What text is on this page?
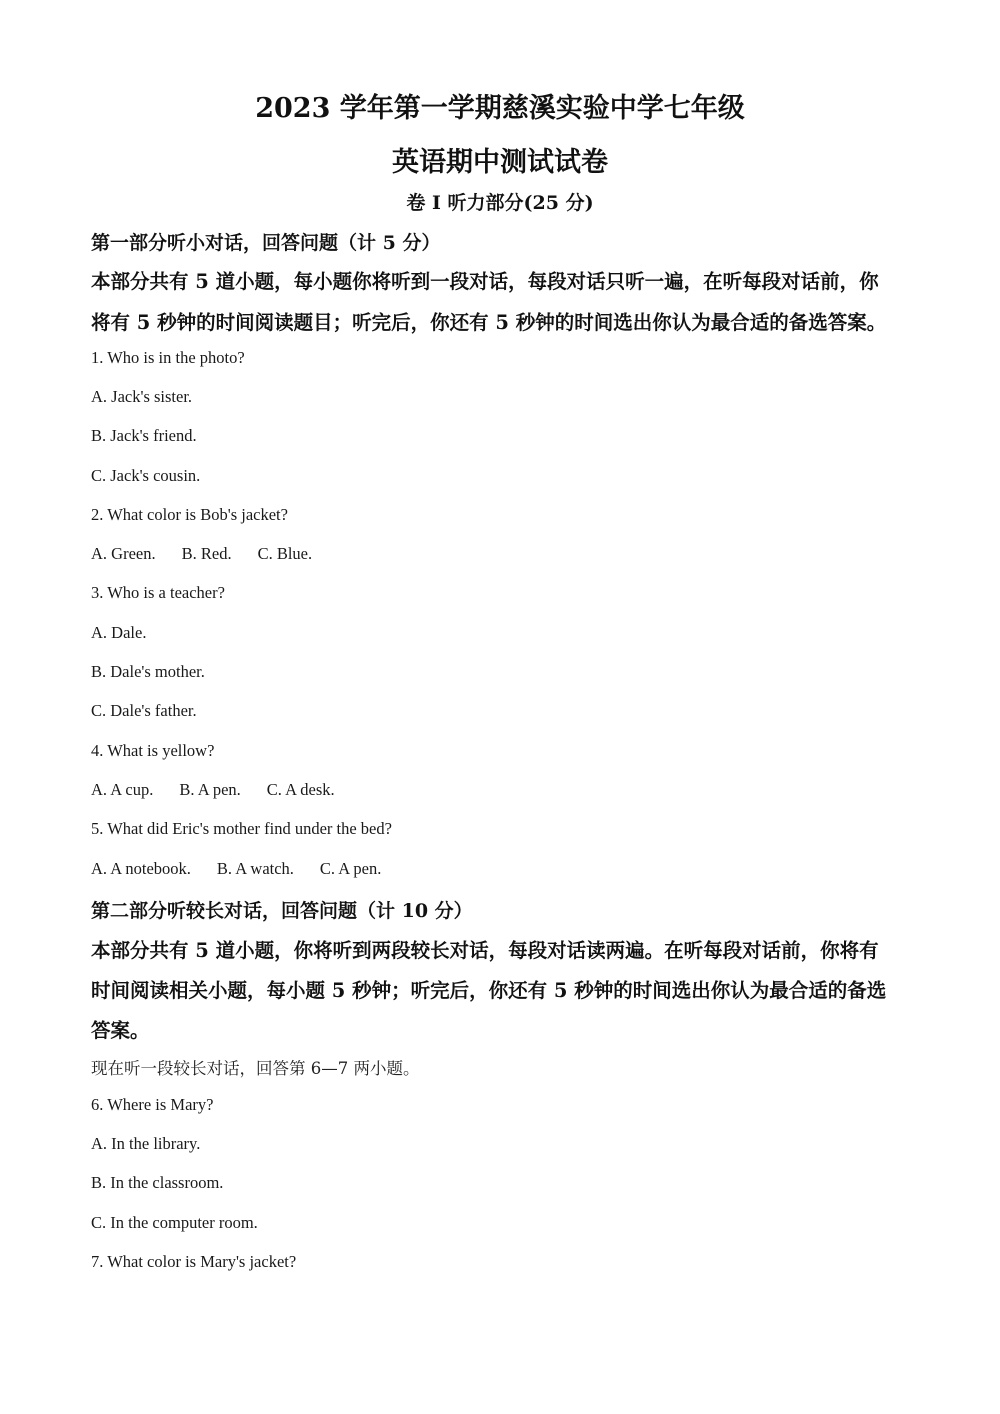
2023 学年第一学期慈溪实验中学七年级
英语期中测试试卷
卷 I 听力部分(25 分)
第一部分听小对话，回答问题（计 5 分）
本部分共有 5 道小题，每小题你将听到一段对话，每段对话只听一遍，在听每段对话前，你
将有 5 秒钟的时间阅读题目；听完后，你还有 5 秒钟的时间选出你认为最合适的备选答案。
1. Who is in the photo?
A. Jack's sister.
B. Jack's friend.
C. Jack's cousin.
2. What color is Bob's jacket?
A. Green. B. Red. C. Blue.
3. Who is a teacher?
A. Dale.
B. Dale's mother.
C. Dale's father.
4. What is yellow?
A. A cup. B. A pen. C. A desk.
5. What did Eric's mother find under the bed?
A. A notebook. B. A watch. C. A pen.
第二部分听较长对话，回答问题（计 10 分）
本部分共有 5 道小题，你将听到两段较长对话，每段对话读两遍。在听每段对话前，你将有
时间阅读相关小题，每小题 5 秒钟；听完后，你还有 5 秒钟的时间选出你认为最合适的备选
答案。
现在听一段较长对话，回答第 6—7 两小题。
6. Where is Mary?
A. In the library.
B. In the classroom.
C. In the computer room.
7. What color is Mary's jacket?
